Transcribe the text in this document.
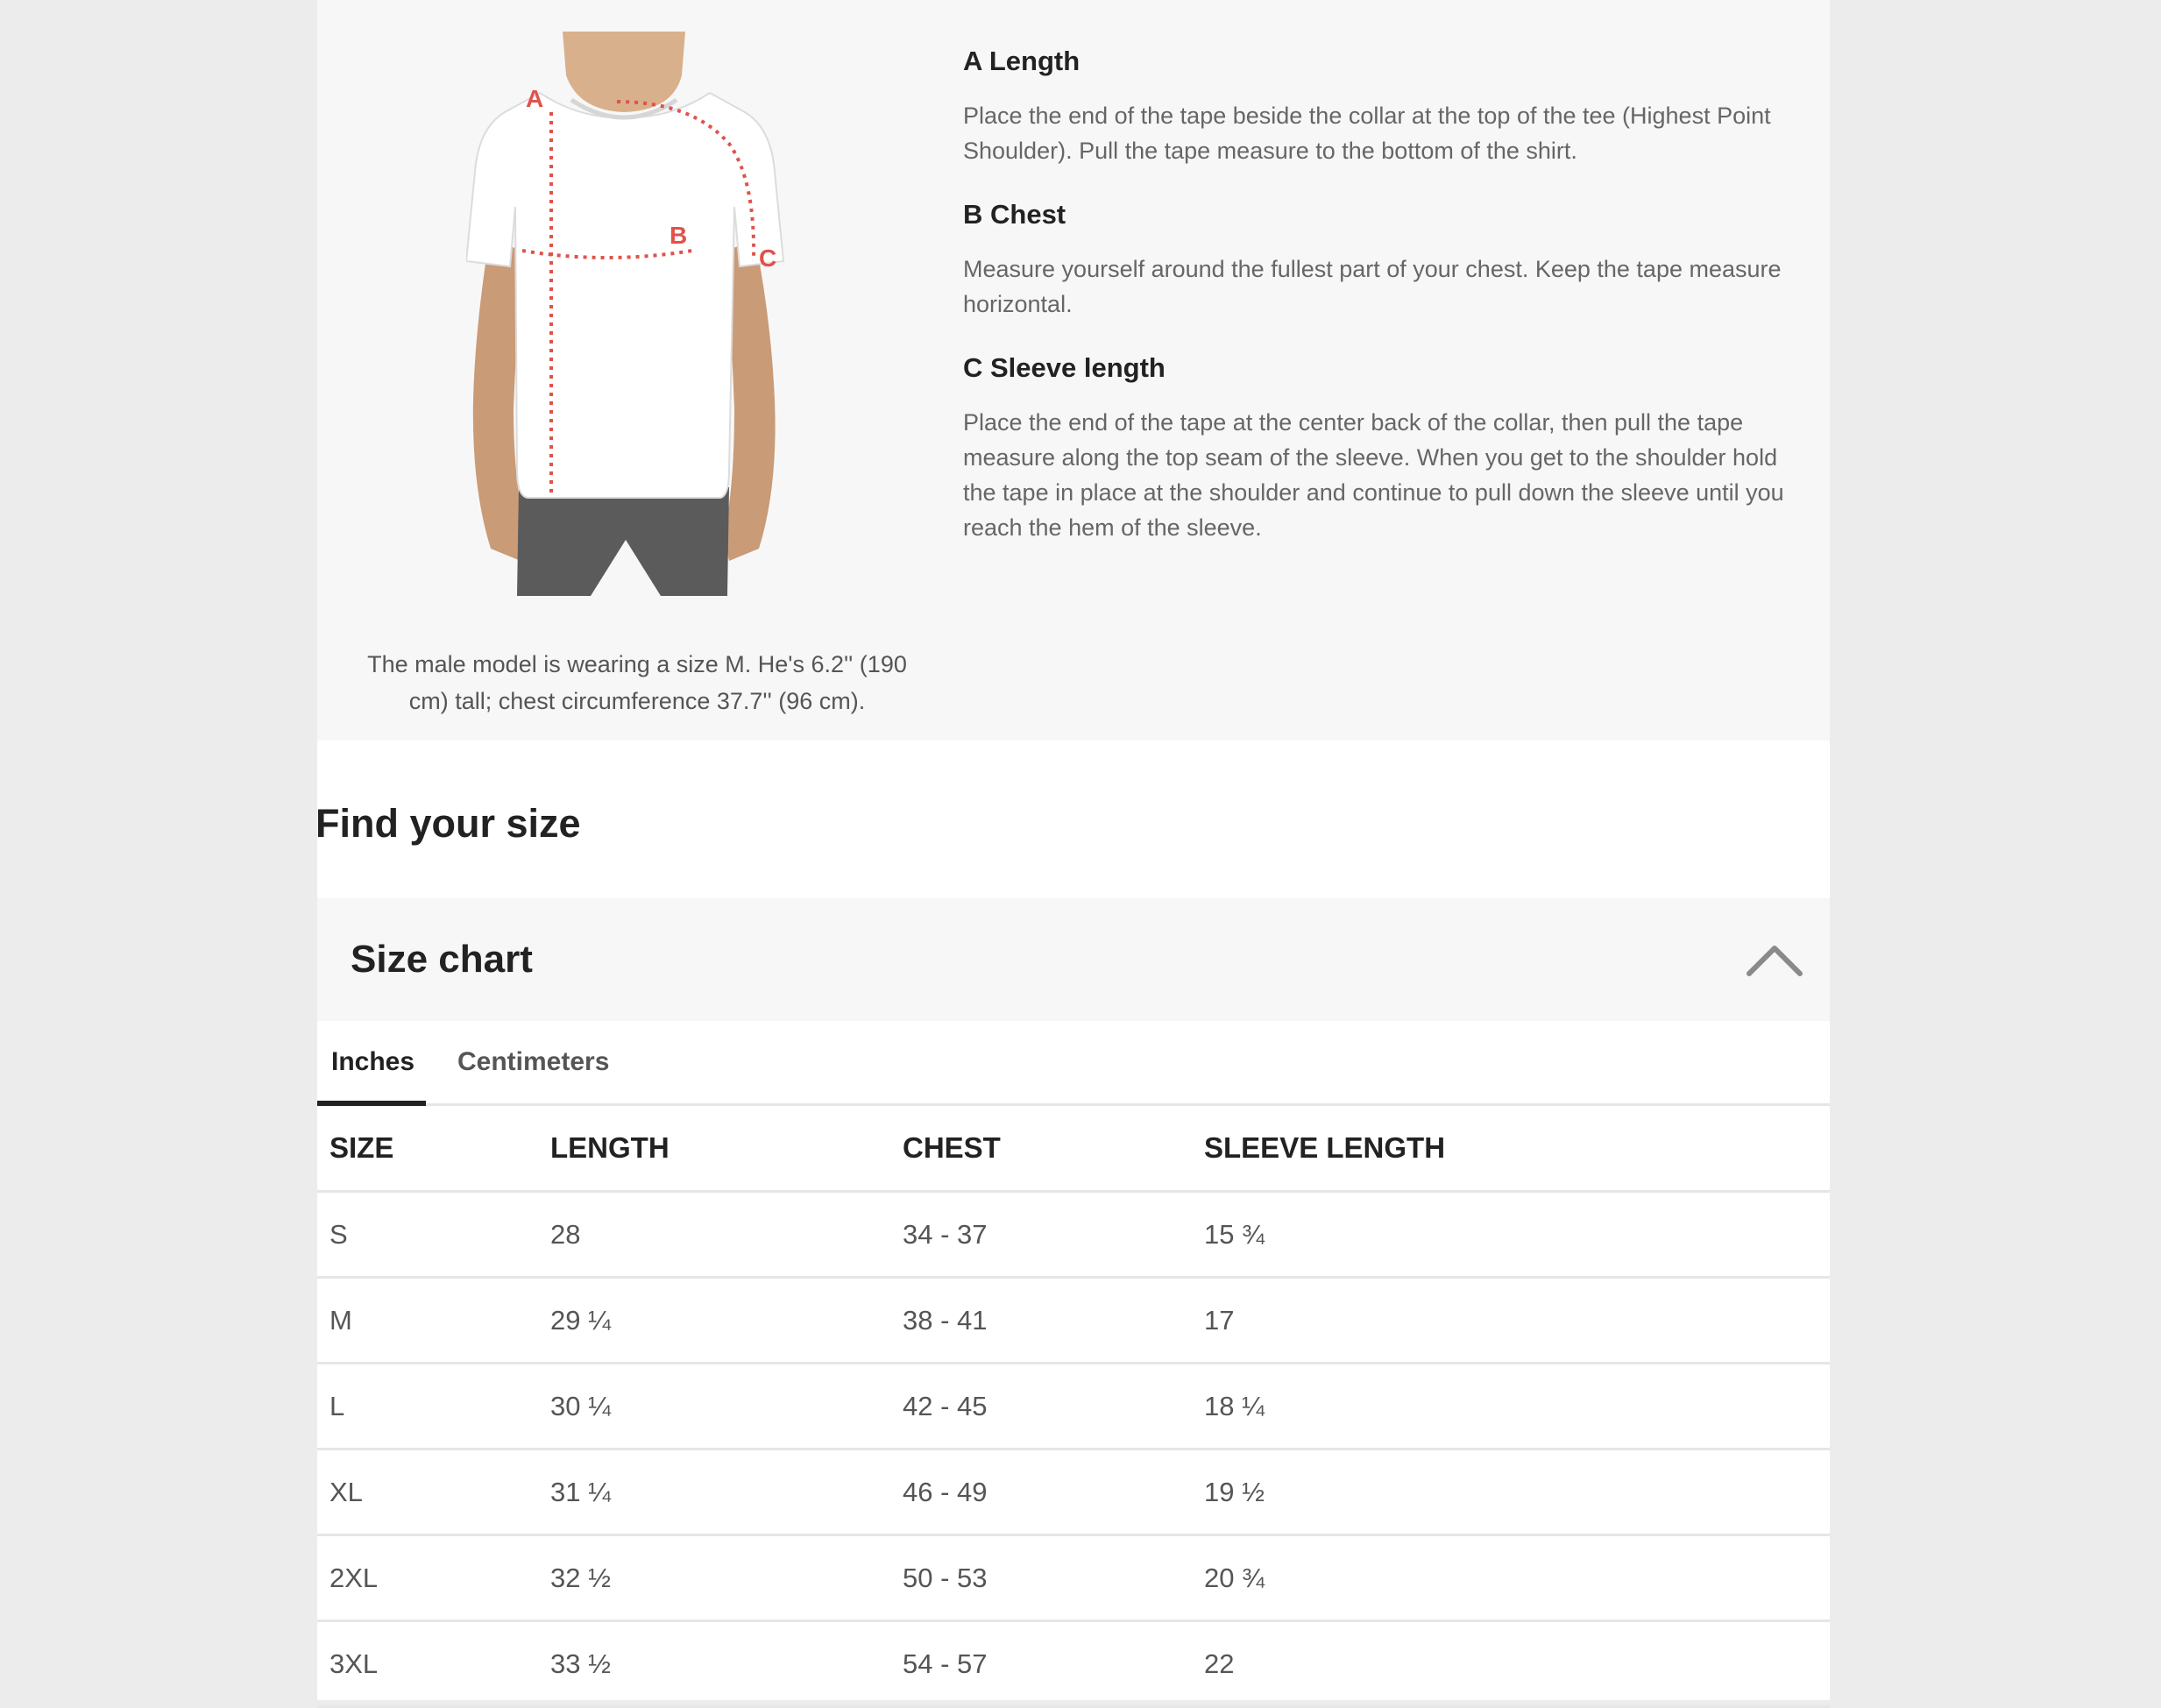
A
B
C

The male model is wearing a size M. He's 6.2'' (190 cm) tall; chest circumference 37.7'' (96 cm).

A Length

Place the end of the tape beside the collar at the top of the tee (Highest Point Shoulder). Pull the tape measure to the bottom of the shirt.

B Chest

Measure yourself around the fullest part of your chest. Keep the tape measure horizontal.

C Sleeve length

Place the end of the tape at the center back of the collar, then pull the tape measure along the top seam of the sleeve. When you get to the shoulder hold the tape in place at the shoulder and continue to pull down the sleeve until you reach the hem of the sleeve.

Find your size
Size chart
Inches Centimeters
SIZE	LENGTH	CHEST	SLEEVE LENGTH
S	28	34 - 37	15 ¾
M	29 ¼	38 - 41	17
L	30 ¼	42 - 45	18 ¼
XL	31 ¼	46 - 49	19 ½
2XL	32 ½	50 - 53	20 ¾
3XL	33 ½	54 - 57	22
